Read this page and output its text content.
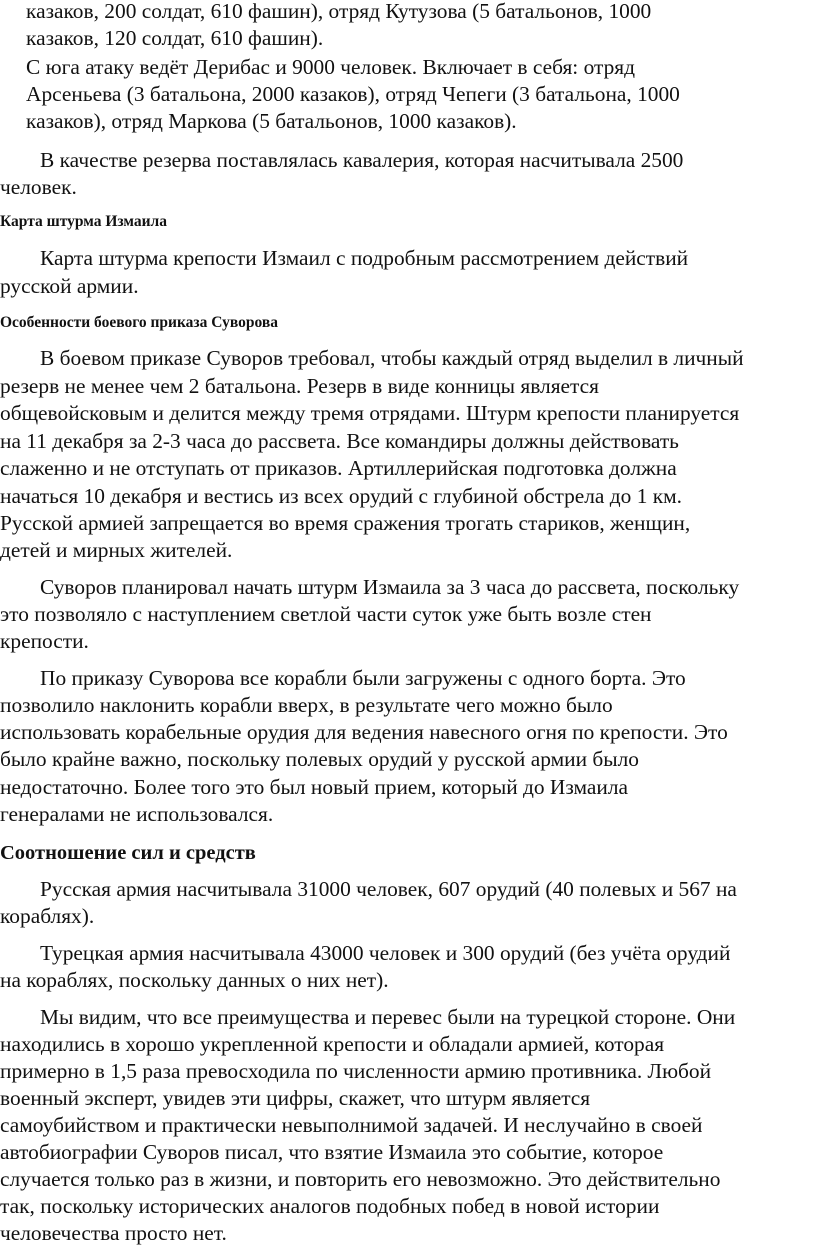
казаков, 200 солдат, 610 фашин), отряд Кутузова (5 батальонов, 1000
казаков, 120 солдат, 610 фашин).
С юга атаку ведёт Дерибас и 9000 человек. Включает в себя: отряд
Арсеньева (3 батальона, 2000 казаков), отряд Чепеги (3 батальона, 1000
казаков), отряд Маркова (5 батальонов, 1000 казаков).
В качестве резерва поставлялась кавалерия, которая насчитывала 2500
человек.
Карта штурма Измаила
Карта штурма крепости Измаил с подробным рассмотрением действий
русской армии.
Особенности боевого приказа Суворова
В боевом приказе Суворов требовал, чтобы каждый отряд выделил в личный
резерв не менее чем 2 батальона. Резерв в виде конницы является
общевойсковым и делится между тремя отрядами. Штурм крепости планируется
на 11 декабря за 2-3 часа до рассвета. Все командиры должны действовать
слаженно и не отступать от приказов. Артиллерийская подготовка должна
начаться 10 декабря и вестись из всех орудий с глубиной обстрела до 1 км.
Русской армией запрещается во время сражения трогать стариков, женщин,
детей и мирных жителей.
Суворов планировал начать штурм Измаила за 3 часа до рассвета, поскольку
это позволяло с наступлением светлой части суток уже быть возле стен
крепости.
По приказу Суворова все корабли были загружены с одного борта. Это
позволило наклонить корабли вверх, в результате чего можно было
использовать корабельные орудия для ведения навесного огня по крепости. Это
было крайне важно, поскольку полевых орудий у русской армии было
недостаточно. Более того это был новый прием, который до Измаила
генералами не использовался.
Соотношение сил и средств
Русская армия насчитывала 31000 человек, 607 орудий (40 полевых и 567 на
кораблях).
Турецкая армия насчитывала 43000 человек и 300 орудий (без учёта орудий
на кораблях, поскольку данных о них нет).
Мы видим, что все преимущества и перевес были на турецкой стороне. Они
находились в хорошо укрепленной крепости и обладали армией, которая
примерно в 1,5 раза превосходила по численности армию противника. Любой
военный эксперт, увидев эти цифры, скажет, что штурм является
самоубийством и практически невыполнимой задачей. И неслучайно в своей
автобиографии Суворов писал, что взятие Измаила это событие, которое
случается только раз в жизни, и повторить его невозможно. Это действительно
так, поскольку исторических аналогов подобных побед в новой истории
человечества просто нет.
